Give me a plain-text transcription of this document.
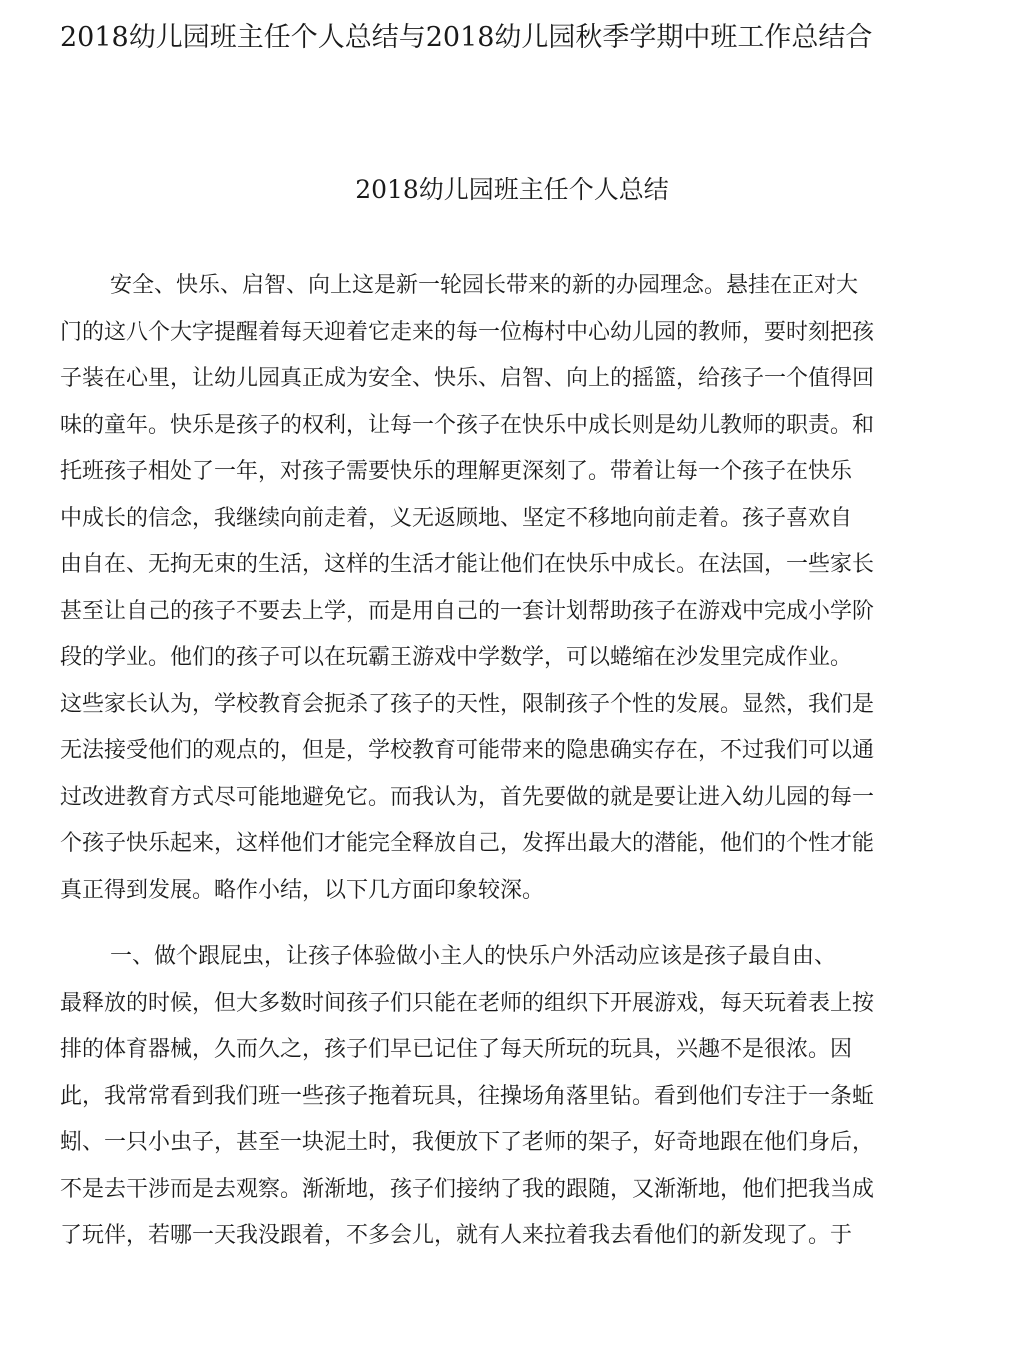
2018幼儿园班主任个人总结与2018幼儿园秋季学期中班工作总结合
2018幼儿园班主任个人总结
安全、快乐、启智、向上这是新一轮园长带来的新的办园理念。悬挂在正对大
门的这八个大字提醒着每天迎着它走来的每一位梅村中心幼儿园的教师，要时刻把孩
子装在心里，让幼儿园真正成为安全、快乐、启智、向上的摇篮，给孩子一个值得回
味的童年。快乐是孩子的权利，让每一个孩子在快乐中成长则是幼儿教师的职责。和
托班孩子相处了一年，对孩子需要快乐的理解更深刻了。带着让每一个孩子在快乐
中成长的信念，我继续向前走着，义无返顾地、坚定不移地向前走着。孩子喜欢自
由自在、无拘无束的生活，这样的生活才能让他们在快乐中成长。在法国，一些家长
甚至让自己的孩子不要去上学，而是用自己的一套计划帮助孩子在游戏中完成小学阶
段的学业。他们的孩子可以在玩霸王游戏中学数学，可以蜷缩在沙发里完成作业。
这些家长认为，学校教育会扼杀了孩子的天性，限制孩子个性的发展。显然，我们是
无法接受他们的观点的，但是，学校教育可能带来的隐患确实存在，不过我们可以通
过改进教育方式尽可能地避免它。而我认为，首先要做的就是要让进入幼儿园的每一
个孩子快乐起来，这样他们才能完全释放自己，发挥出最大的潜能，他们的个性才能
真正得到发展。略作小结，以下几方面印象较深。
一、做个跟屁虫，让孩子体验做小主人的快乐户外活动应该是孩子最自由、
最释放的时候，但大多数时间孩子们只能在老师的组织下开展游戏，每天玩着表上按
排的体育器械，久而久之，孩子们早已记住了每天所玩的玩具，兴趣不是很浓。因
此，我常常看到我们班一些孩子拖着玩具，往操场角落里钻。看到他们专注于一条蚯
蚓、一只小虫子，甚至一块泥土时，我便放下了老师的架子，好奇地跟在他们身后，
不是去干涉而是去观察。渐渐地，孩子们接纳了我的跟随，又渐渐地，他们把我当成
了玩伴，若哪一天我没跟着，不多会儿，就有人来拉着我去看他们的新发现了。于
